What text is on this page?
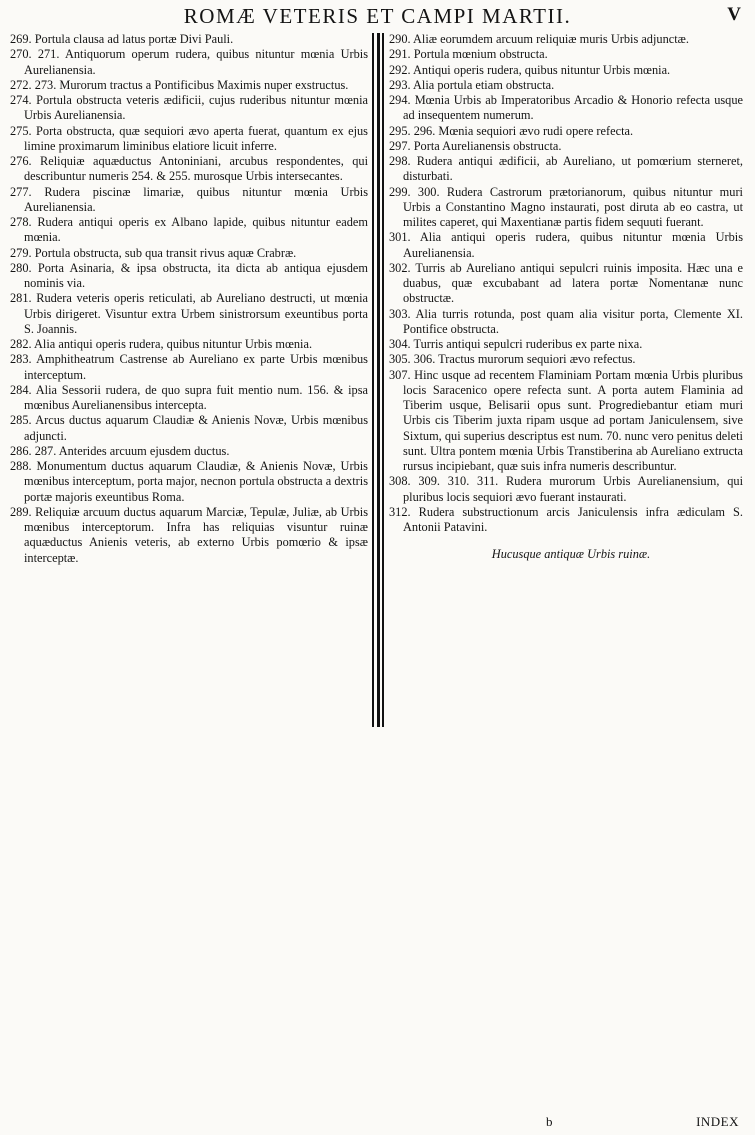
ROMÆ VETERIS ET CAMPI MARTII.	V

269. Portula clausa ad latus portæ Divi Pauli.

270. 271. Antiquorum operum rudera, quibus nituntur mœnia Urbis Aurelianensia.

272. 273. Murorum tractus a Pontificibus Maximis nuper exstructus.

274. Portula obstructa veteris ædificii, cujus ruderibus nituntur mœnia Urbis Aurelianensia.

275. Porta obstructa, quæ sequiori ævo aperta fuerat, quantum ex ejus limine proximarum liminibus elatiore licuit inferre.

276. Reliquiæ aquæductus Antoniniani, arcubus respondentes, qui describuntur numeris 254. & 255. murosque Urbis intersecantes.

277. Rudera piscinæ limariæ, quibus nituntur mœnia Urbis Aurelianensia.

278. Rudera antiqui operis ex Albano lapide, quibus nituntur eadem mœnia.

279. Portula obstructa, sub qua transit rivus aquæ Crabræ.

280. Porta Asinaria, & ipsa obstructa, ita dicta ab antiqua ejusdem nominis via.

281. Rudera veteris operis reticulati, ab Aureliano destructi, ut mœnia Urbis dirigeret. Visuntur extra Urbem sinistrorsum exeuntibus porta S. Joannis.

282. Alia antiqui operis rudera, quibus nituntur Urbis mœnia.

283. Amphitheatrum Castrense ab Aureliano ex parte Urbis mœnibus interceptum.

284. Alia Sessorii rudera, de quo supra fuit mentio num. 156. & ipsa mœnibus Aurelianensibus intercepta.

285. Arcus ductus aquarum Claudiæ & Anienis Novæ, Urbis mœnibus adjuncti.

286. 287. Anterides arcuum ejusdem ductus.

288. Monumentum ductus aquarum Claudiæ, & Anienis Novæ, Urbis mœnibus interceptum, porta major, necnon portula obstructa a dextris portæ majoris exeuntibus Roma.

289. Reliquiæ arcuum ductus aquarum Marciæ, Tepulæ, Juliæ, ab Urbis mœnibus interceptorum. Infra has reliquias visuntur ruinæ aquæductus Anienis veteris, ab externo Urbis pomœrio & ipsæ interceptæ.

290. Aliæ eorumdem arcuum reliquiæ muris Urbis adjunctæ.

291. Portula mœnium obstructa.

292. Antiqui operis rudera, quibus nituntur Urbis mœnia.

293. Alia portula etiam obstructa.

294. Mœnia Urbis ab Imperatoribus Arcadio & Honorio refecta usque ad insequentem numerum.

295. 296. Mœnia sequiori ævo rudi opere refecta.

297. Porta Aurelianensis obstructa.

298. Rudera antiqui ædificii, ab Aureliano, ut pomœrium sterneret, disturbati.

299. 300. Rudera Castrorum prætorianorum, quibus nituntur muri Urbis a Constantino Magno instaurati, post diruta ab eo castra, ut milites caperet, qui Maxentianæ partis fidem sequuti fuerant.

301. Alia antiqui operis rudera, quibus nituntur mœnia Urbis Aurelianensia.

302. Turris ab Aureliano antiqui sepulcri ruinis imposita. Hæc una e duabus, quæ excubabant ad latera portæ Nomentanæ nunc obstructæ.

303. Alia turris rotunda, post quam alia visitur porta, Clemente XI. Pontifice obstructa.

304. Turris antiqui sepulcri ruderibus ex parte nixa.

305. 306. Tractus murorum sequiori ævo refectus.

307. Hinc usque ad recentem Flaminiam Portam mœnia Urbis pluribus locis Saracenico opere refecta sunt. A porta autem Flaminia ad Tiberim usque, Belisarii opus sunt. Progrediebantur etiam muri Urbis cis Tiberim juxta ripam usque ad portam Janiculensem, sive Sixtum, qui superius descriptus est num. 70. nunc vero penitus deleti sunt. Ultra pontem mœnia Urbis Transtiberina ab Aureliano extructa rursus incipiebant, quæ suis infra numeris describuntur.

308. 309. 310. 311. Rudera murorum Urbis Aurelianensium, qui pluribus locis sequiori ævo fuerant instaurati.

312. Rudera substructionum arcis Janiculensis infra ædiculam S. Antonii Patavini.

Hucusque antiquæ Urbis ruinæ.

b	INDEX
